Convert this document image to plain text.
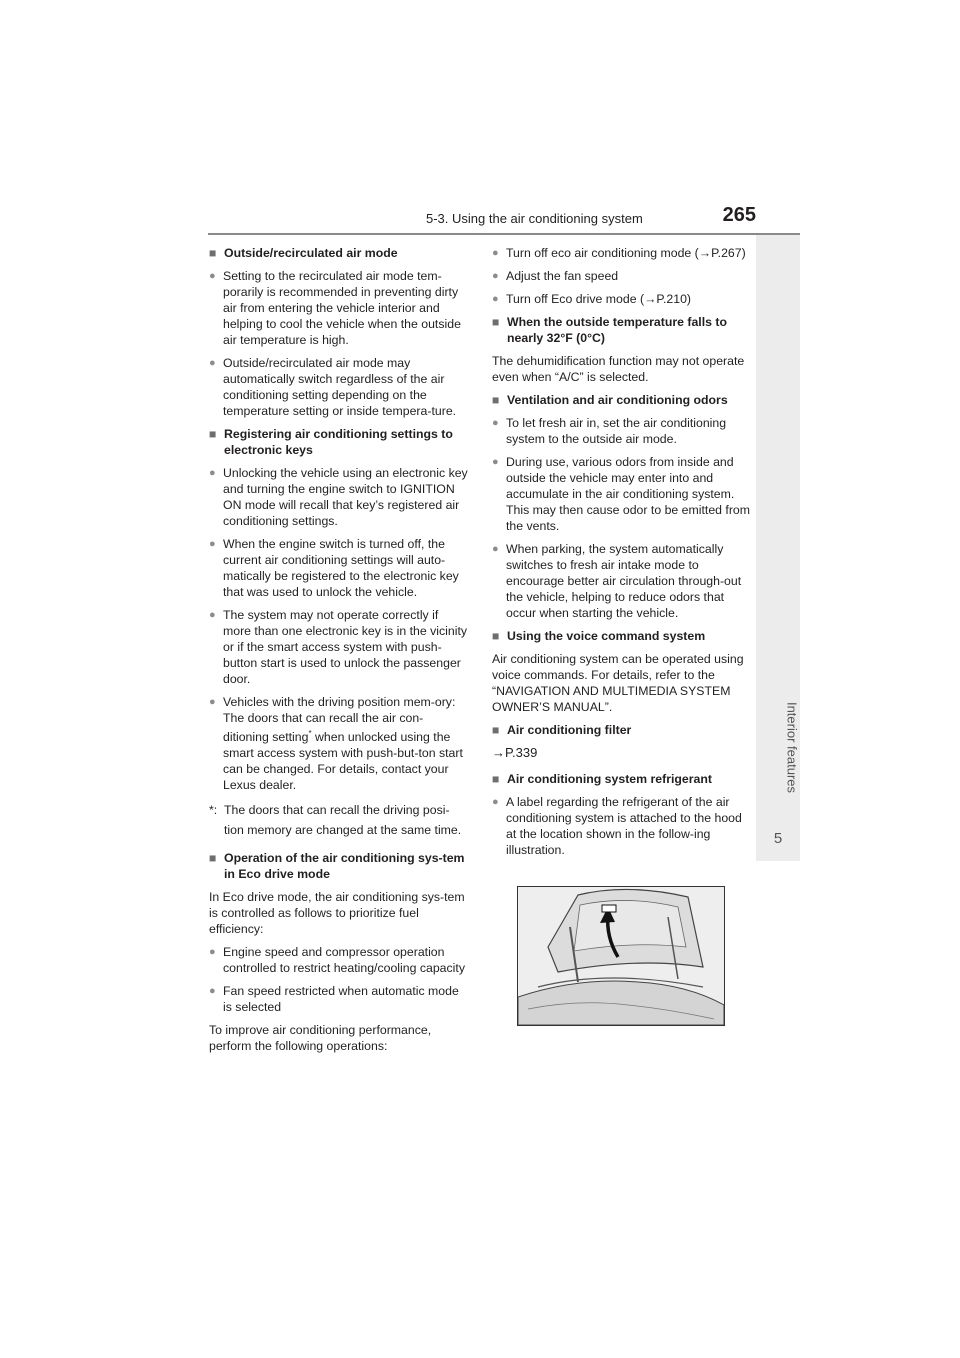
5-3. Using the air conditioning system	265
5
Interior features
■ Outside/recirculated air mode
● Setting to the recirculated air mode tem-porarily is recommended in preventing dirty air from entering the vehicle interior and helping to cool the vehicle when the outside air temperature is high.
● Outside/recirculated air mode may automatically switch regardless of the air conditioning setting depending on the temperature setting or inside tempera-ture.
■ Registering air conditioning settings to electronic keys
● Unlocking the vehicle using an electronic key and turning the engine switch to IGNITION ON mode will recall that key’s registered air conditioning settings.
● When the engine switch is turned off, the current air conditioning settings will auto-matically be registered to the electronic key that was used to unlock the vehicle.
● The system may not operate correctly if more than one electronic key is in the vicinity or if the smart access system with push-button start is used to unlock the passenger door.
● Vehicles with the driving position mem-ory: The doors that can recall the air con-ditioning setting* when unlocked using the smart access system with push-but-ton start can be changed. For details, contact your Lexus dealer.
*: The doors that can recall the driving posi-tion memory are changed at the same time.
■ Operation of the air conditioning sys-tem in Eco drive mode
In Eco drive mode, the air conditioning sys-tem is controlled as follows to prioritize fuel efficiency:
● Engine speed and compressor operation controlled to restrict heating/cooling capacity
● Fan speed restricted when automatic mode is selected
To improve air conditioning performance, perform the following operations:
● Turn off eco air conditioning mode (→P.267)
● Adjust the fan speed
● Turn off Eco drive mode (→P.210)
■ When the outside temperature falls to nearly 32°F (0°C)
The dehumidification function may not operate even when “A/C” is selected.
■ Ventilation and air conditioning odors
● To let fresh air in, set the air conditioning system to the outside air mode.
● During use, various odors from inside and outside the vehicle may enter into and accumulate in the air conditioning system. This may then cause odor to be emitted from the vents.
● When parking, the system automatically switches to fresh air intake mode to encourage better air circulation through-out the vehicle, helping to reduce odors that occur when starting the vehicle.
■ Using the voice command system
Air conditioning system can be operated using voice commands. For details, refer to the “NAVIGATION AND MULTIMEDIA SYSTEM OWNER’S MANUAL”.
■ Air conditioning filter
→P.339
■ Air conditioning system refrigerant
● A label regarding the refrigerant of the air conditioning system is attached to the hood at the location shown in the follow-ing illustration.
